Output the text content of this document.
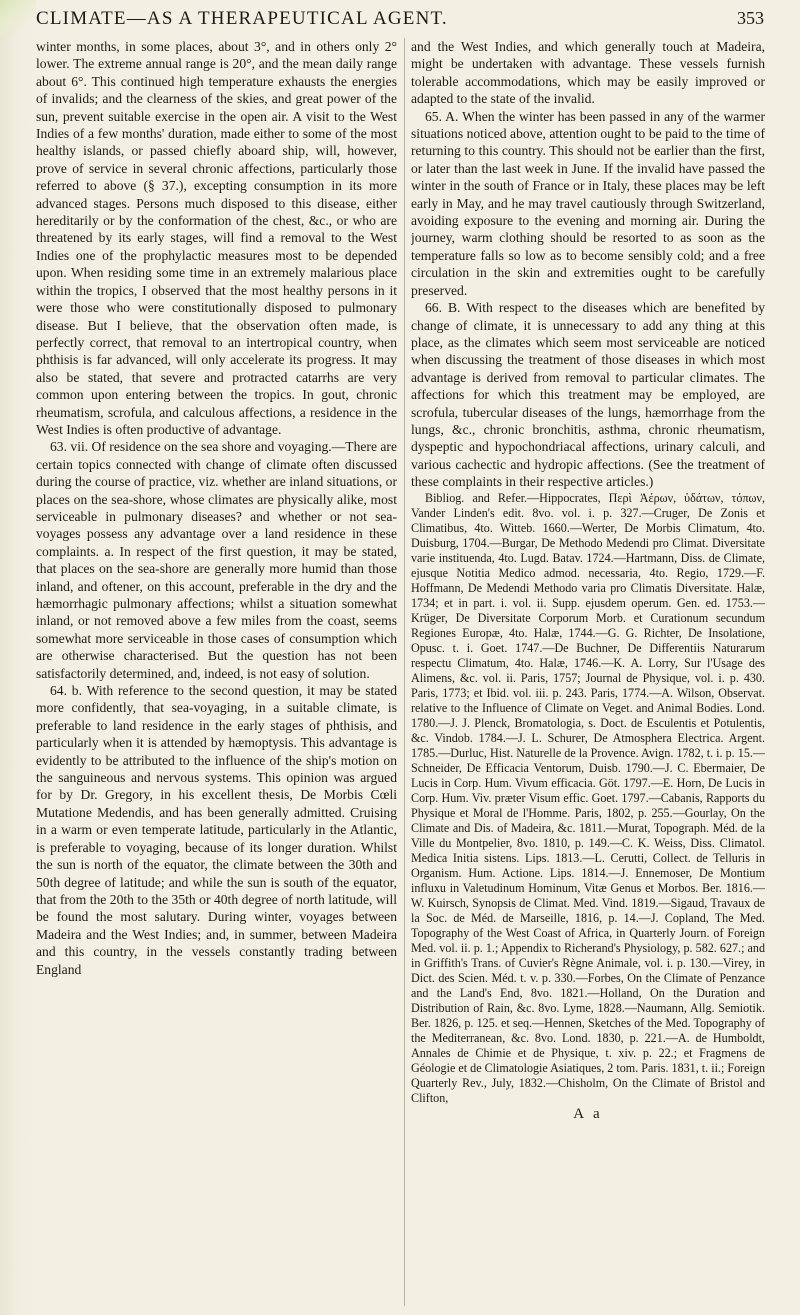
CLIMATE—AS A THERAPEUTICAL AGENT.	353

winter months, in some places, about 3°, and in others only 2° lower. The extreme annual range is 20°, and the mean daily range about 6°. This continued high temperature exhausts the energies of invalids; and the clearness of the skies, and great power of the sun, prevent suitable exercise in the open air. A visit to the West Indies of a few months' duration, made either to some of the most healthy islands, or passed chiefly aboard ship, will, however, prove of service in several chronic affections, particularly those referred to above (§ 37.), excepting consumption in its more advanced stages. Persons much disposed to this disease, either hereditarily or by the conformation of the chest, &c., or who are threatened by its early stages, will find a removal to the West Indies one of the prophylactic measures most to be depended upon. When residing some time in an extremely malarious place within the tropics, I observed that the most healthy persons in it were those who were constitutionally disposed to pulmonary disease. But I believe, that the observation often made, is perfectly correct, that removal to an intertropical country, when phthisis is far advanced, will only accelerate its progress. It may also be stated, that severe and protracted catarrhs are very common upon entering between the tropics. In gout, chronic rheumatism, scrofula, and calculous affections, a residence in the West Indies is often productive of advantage.

63. vii. Of residence on the sea shore and voyaging.—There are certain topics connected with change of climate often discussed during the course of practice, viz. whether are inland situations, or places on the sea-shore, whose climates are physically alike, most serviceable in pulmonary diseases? and whether or not sea-voyages possess any advantage over a land residence in these complaints. a. In respect of the first question, it may be stated, that places on the sea-shore are generally more humid than those inland, and oftener, on this account, preferable in the dry and the hæmorrhagic pulmonary affections; whilst a situation somewhat inland, or not removed above a few miles from the coast, seems somewhat more serviceable in those cases of consumption which are otherwise characterised. But the question has not been satisfactorily determined, and, indeed, is not easy of solution.

64. b. With reference to the second question, it may be stated more confidently, that sea-voyaging, in a suitable climate, is preferable to land residence in the early stages of phthisis, and particularly when it is attended by hæmoptysis. This advantage is evidently to be attributed to the influence of the ship's motion on the sanguineous and nervous systems. This opinion was argued for by Dr. Gregory, in his excellent thesis, De Morbis Cœli Mutatione Medendis, and has been generally admitted. Cruising in a warm or even temperate latitude, particularly in the Atlantic, is preferable to voyaging, because of its longer duration. Whilst the sun is north of the equator, the climate between the 30th and 50th degree of latitude; and while the sun is south of the equator, that from the 20th to the 35th or 40th degree of north latitude, will be found the most salutary. During winter, voyages between Madeira and the West Indies; and, in summer, between Madeira and this country, in the vessels constantly trading between England

and the West Indies, and which generally touch at Madeira, might be undertaken with advantage. These vessels furnish tolerable accommodations, which may be easily improved or adapted to the state of the invalid.

65. A. When the winter has been passed in any of the warmer situations noticed above, attention ought to be paid to the time of returning to this country. This should not be earlier than the first, or later than the last week in June. If the invalid have passed the winter in the south of France or in Italy, these places may be left early in May, and he may travel cautiously through Switzerland, avoiding exposure to the evening and morning air. During the journey, warm clothing should be resorted to as soon as the temperature falls so low as to become sensibly cold; and a free circulation in the skin and extremities ought to be carefully preserved.

66. B. With respect to the diseases which are benefited by change of climate, it is unnecessary to add any thing at this place, as the climates which seem most serviceable are noticed when discussing the treatment of those diseases in which most advantage is derived from removal to particular climates. The affections for which this treatment may be employed, are scrofula, tubercular diseases of the lungs, hæmorrhage from the lungs, &c., chronic bronchitis, asthma, chronic rheumatism, dyspeptic and hypochondriacal affections, urinary calculi, and various cachectic and hydropic affections. (See the treatment of these complaints in their respective articles.)

Bibliog. and Refer.—Hippocrates, Περὶ Ἀέρων, ὑδάτων, τόπων, Vander Linden's edit. 8vo. vol. i. p. 327.—Cruger, De Zonis et Climatibus, 4to. Witteb. 1660.—Werter, De Morbis Climatum, 4to. Duisburg, 1704.—Burgar, De Methodo Medendi pro Climat. Diversitate varie instituenda, 4to. Lugd. Batav. 1724.—Hartmann, Diss. de Climate, ejusque Notitia Medico admod. necessaria, 4to. Regio, 1729.—F. Hoffmann, De Medendi Methodo varia pro Climatis Diversitate. Halæ, 1734; et in part. i. vol. ii. Supp. ejusdem operum. Gen. ed. 1753.—Krüger, De Diversitate Corporum Morb. et Curationum secundum Regiones Europæ, 4to. Halæ, 1744.—G. G. Richter, De Insolatione, Opusc. t. i. Goet. 1747.—De Buchner, De Differentiis Naturarum respectu Climatum, 4to. Halæ, 1746.—K. A. Lorry, Sur l'Usage des Alimens, &c. vol. ii. Paris, 1757; Journal de Physique, vol. i. p. 430. Paris, 1773; et Ibid. vol. iii. p. 243. Paris, 1774.—A. Wilson, Observat. relative to the Influence of Climate on Veget. and Animal Bodies. Lond. 1780.—J. J. Plenck, Bromatologia, s. Doct. de Esculentis et Potulentis, &c. Vindob. 1784.—J. L. Schurer, De Atmosphera Electrica. Argent. 1785.—Durluc, Hist. Naturelle de la Provence. Avign. 1782, t. i. p. 15.—Schneider, De Efficacia Ventorum, Duisb. 1790.—J. C. Ebermaier, De Lucis in Corp. Hum. Vivum efficacia. Göt. 1797.—E. Horn, De Lucis in Corp. Hum. Viv. præter Visum effic. Goet. 1797.—Cabanis, Rapports du Physique et Moral de l'Homme. Paris, 1802, p. 255.—Gourlay, On the Climate and Dis. of Madeira, &c. 1811.—Murat, Topograph. Méd. de la Ville du Montpelier, 8vo. 1810, p. 149.—C. K. Weiss, Diss. Climatol. Medica Initia sistens. Lips. 1813.—L. Cerutti, Collect. de Telluris in Organism. Hum. Actione. Lips. 1814.—J. Ennemoser, De Montium influxu in Valetudinum Hominum, Vitæ Genus et Morbos. Ber. 1816.—W. Kuirsch, Synopsis de Climat. Med. Vind. 1819.—Sigaud, Travaux de la Soc. de Méd. de Marseille, 1816, p. 14.—J. Copland, The Med. Topography of the West Coast of Africa, in Quarterly Journ. of Foreign Med. vol. ii. p. 1.; Appendix to Richerand's Physiology, p. 582. 627.; and in Griffith's Trans. of Cuvier's Règne Animale, vol. i. p. 130.—Virey, in Dict. des Scien. Méd. t. v. p. 330.—Forbes, On the Climate of Penzance and the Land's End, 8vo. 1821.—Holland, On the Duration and Distribution of Rain, &c. 8vo. Lyme, 1828.—Naumann, Allg. Semiotik. Ber. 1826, p. 125. et seq.—Hennen, Sketches of the Med. Topography of the Mediterranean, &c. 8vo. Lond. 1830, p. 221.—A. de Humboldt, Annales de Chimie et de Physique, t. xiv. p. 22.; et Fragmens de Géologie et de Climatologie Asiatiques, 2 tom. Paris. 1831, t. ii.; Foreign Quarterly Rev., July, 1832.—Chisholm, On the Climate of Bristol and Clifton,

A a
